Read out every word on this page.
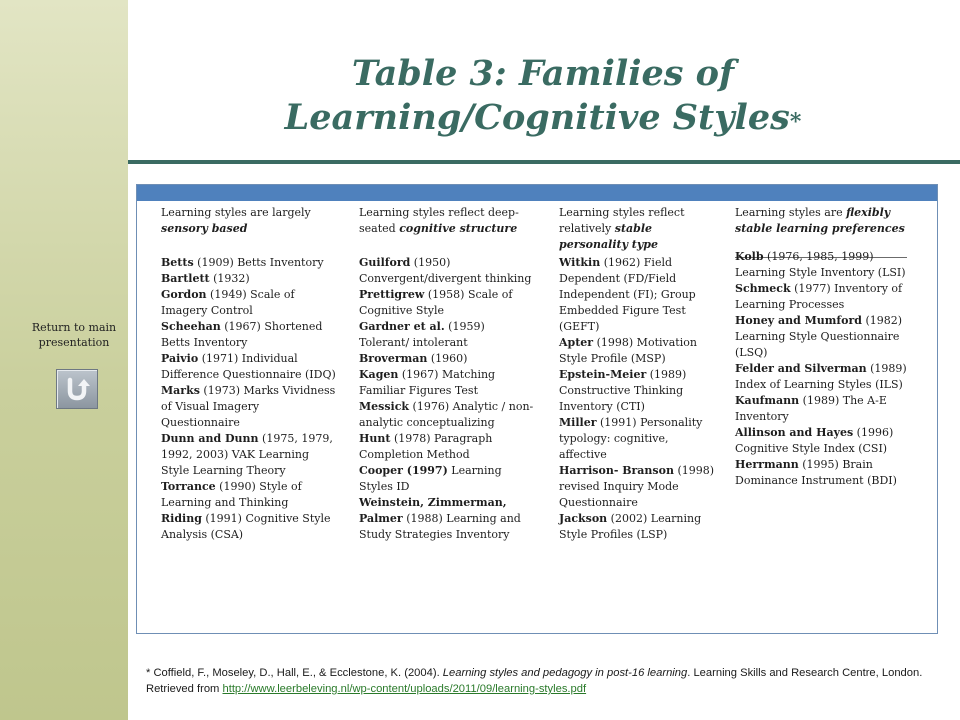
Return to main presentation
Table 3: Families of
Learning/Cognitive Styles*
Learning styles are largely sensory based
Betts (1909) Betts Inventory
Bartlett (1932)
Gordon (1949) Scale of Imagery Control
Scheehan (1967) Shortened Betts Inventory
Paivio (1971) Individual Difference Questionnaire (IDQ)
Marks (1973) Marks Vividness of Visual Imagery Questionnaire
Dunn and Dunn (1975, 1979, 1992, 2003) VAK Learning Style Learning Theory
Torrance (1990) Style of Learning and Thinking
Riding (1991) Cognitive Style Analysis (CSA)
Learning styles reflect deep-seated cognitive structure
Guilford (1950) Convergent/divergent thinking
Prettigrew (1958) Scale of Cognitive Style
Gardner et al. (1959) Tolerant/ intolerant
Broverman (1960)
Kagen (1967) Matching Familiar Figures Test
Messick (1976) Analytic / non-analytic conceptualizing
Hunt (1978) Paragraph Completion Method
Cooper (1997) Learning Styles ID
Weinstein, Zimmerman, Palmer (1988) Learning and Study Strategies Inventory
Learning styles reflect relatively stable personality type
Witkin (1962) Field Dependent (FD/Field Independent (FI); Group Embedded Figure Test (GEFT)
Apter (1998) Motivation Style Profile (MSP)
Epstein-Meier (1989) Constructive Thinking Inventory (CTI)
Miller (1991) Personality typology: cognitive, affective
Harrison- Branson (1998) revised Inquiry Mode Questionnaire
Jackson (2002) Learning Style Profiles (LSP)
Learning styles are flexibly stable learning preferences
Kolb (1976, 1985, 1999) Learning Style Inventory (LSI)
Schmeck (1977) Inventory of Learning Processes
Honey and Mumford (1982) Learning Style Questionnaire (LSQ)
Felder and Silverman (1989) Index of Learning Styles (ILS)
Kaufmann (1989) The A-E Inventory
Allinson and Hayes (1996) Cognitive Style Index (CSI)
Herrmann (1995) Brain Dominance Instrument (BDI)
* Coffield, F., Moseley, D., Hall, E., & Ecclestone, K. (2004). Learning styles and pedagogy in post-16 learning. Learning Skills and Research Centre, London. Retrieved from http://www.leerbeleving.nl/wp-content/uploads/2011/09/learning-styles.pdf
